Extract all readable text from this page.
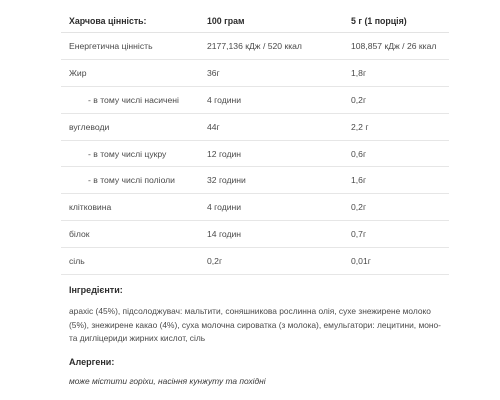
Харчова цінність:	100 грам	5 г (1 порція)
Енергетична цінність	2177,136 кДж / 520 ккал	108,857 кДж / 26 ккал
Жир	36г	1,8г
- в тому числі насичені	4 години	0,2г
вуглеводи	44г	2,2 г
- в тому числі цукру	12 годин	0,6г
- в тому числі поліоли	32 години	1,6г
клітковина	4 години	0,2г
білок	14 годин	0,7г
сіль	0,2г	0,01г
Інгредієнти:
арахіс (45%), підсолоджувач: мальтити, соняшникова рослинна олія, сухе знежирене молоко (5%), знежирене какао (4%), суха молочна сироватка (з молока), емульгатори: лецитини, моно- та дигліцериди жирних кислот, сіль
Алергени:
може містити горіхи, насіння кунжуту та похідні
